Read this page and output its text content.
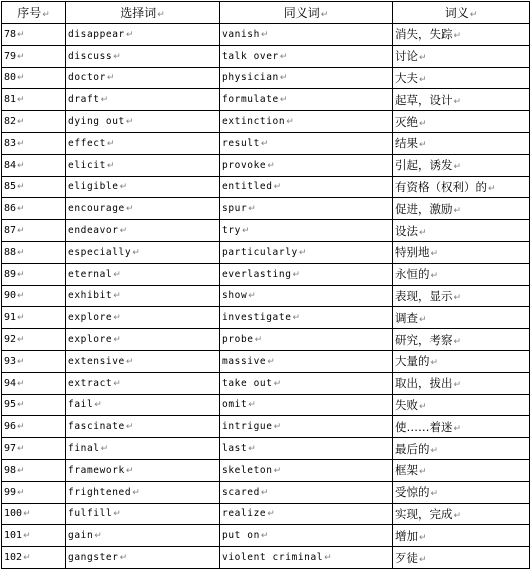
序号↵	选择词↵	同义词↵	词义↵
78↵	disappear↵	vanish↵	消失，失踪↵
79↵	discuss↵	talk over↵	讨论↵
80↵	doctor↵	physician↵	大夫↵
81↵	draft↵	formulate↵	起草，设计↵
82↵	dying out↵	extinction↵	灭绝↵
83↵	effect↵	result↵	结果↵
84↵	elicit↵	provoke↵	引起，诱发↵
85↵	eligible↵	entitled↵	有资格（权利）的↵
86↵	encourage↵	spur↵	促进，激励↵
87↵	endeavor↵	try↵	设法↵
88↵	especially↵	particularly↵	特别地↵
89↵	eternal↵	everlasting↵	永恒的↵
90↵	exhibit↵	show↵	表现，显示↵
91↵	explore↵	investigate↵	调查↵
92↵	explore↵	probe↵	研究，考察↵
93↵	extensive↵	massive↵	大量的↵
94↵	extract↵	take out↵	取出，拔出↵
95↵	fail↵	omit↵	失败↵
96↵	fascinate↵	intrigue↵	使……着迷↵
97↵	final↵	last↵	最后的↵
98↵	framework↵	skeleton↵	框架↵
99↵	frightened↵	scared↵	受惊的↵
100↵	fulfill↵	realize↵	实现，完成↵
101↵	gain↵	put on↵	增加↵
102↵	gangster↵	violent criminal↵	歹徒↵
